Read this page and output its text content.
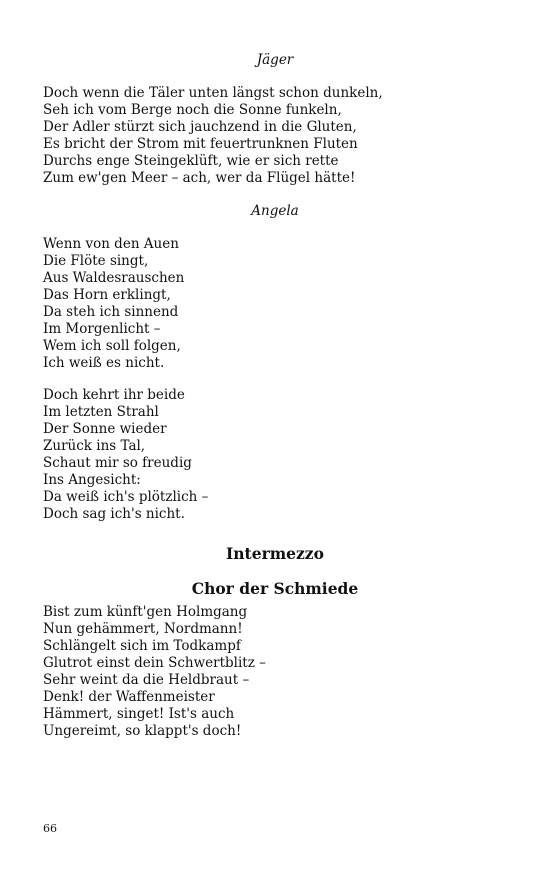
Jäger
Doch wenn die Täler unten längst schon dunkeln,
Seh ich vom Berge noch die Sonne funkeln,
Der Adler stürzt sich jauchzend in die Gluten,
Es bricht der Strom mit feuertrunknen Fluten
Durchs enge Steingeklüft, wie er sich rette
Zum ew'gen Meer – ach, wer da Flügel hätte!
Angela
Wenn von den Auen
Die Flöte singt,
Aus Waldesrauschen
Das Horn erklingt,
Da steh ich sinnend
Im Morgenlicht –
Wem ich soll folgen,
Ich weiß es nicht.
Doch kehrt ihr beide
Im letzten Strahl
Der Sonne wieder
Zurück ins Tal,
Schaut mir so freudig
Ins Angesicht:
Da weiß ich's plötzlich –
Doch sag ich's nicht.
Intermezzo
Chor der Schmiede
Bist zum künft'gen Holmgang
Nun gehämmert, Nordmann!
Schlängelt sich im Todkampf
Glutrot einst dein Schwertblitz –
Sehr weint da die Heldbraut –
Denk! der Waffenmeister
Hämmert, singet! Ist's auch
Ungereimt, so klappt's doch!
66
